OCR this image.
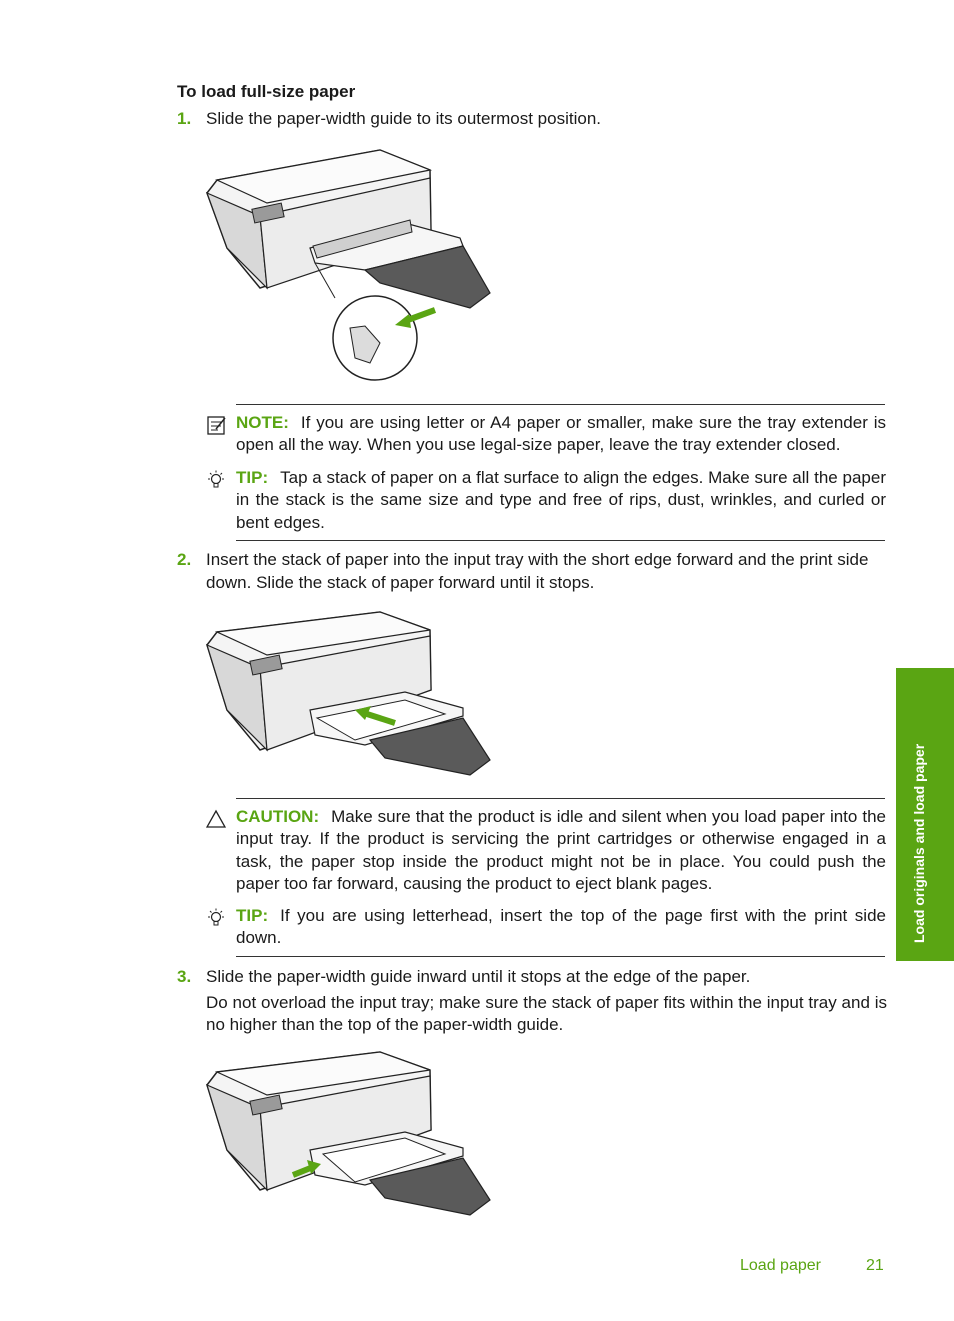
To load full-size paper
1. Slide the paper-width guide to its outermost position.
NOTE: If you are using letter or A4 paper or smaller, make sure the tray extender is open all the way. When you use legal-size paper, leave the tray extender closed.
TIP: Tap a stack of paper on a flat surface to align the edges. Make sure all the paper in the stack is the same size and type and free of rips, dust, wrinkles, and curled or bent edges.
2. Insert the stack of paper into the input tray with the short edge forward and the print side down. Slide the stack of paper forward until it stops.
CAUTION: Make sure that the product is idle and silent when you load paper into the input tray. If the product is servicing the print cartridges or otherwise engaged in a task, the paper stop inside the product might not be in place. You could push the paper too far forward, causing the product to eject blank pages.
TIP: If you are using letterhead, insert the top of the page first with the print side down.
3. Slide the paper-width guide inward until it stops at the edge of the paper.
Do not overload the input tray; make sure the stack of paper fits within the input tray and is no higher than the top of the paper-width guide.
Load originals and load paper
Load paper	21
